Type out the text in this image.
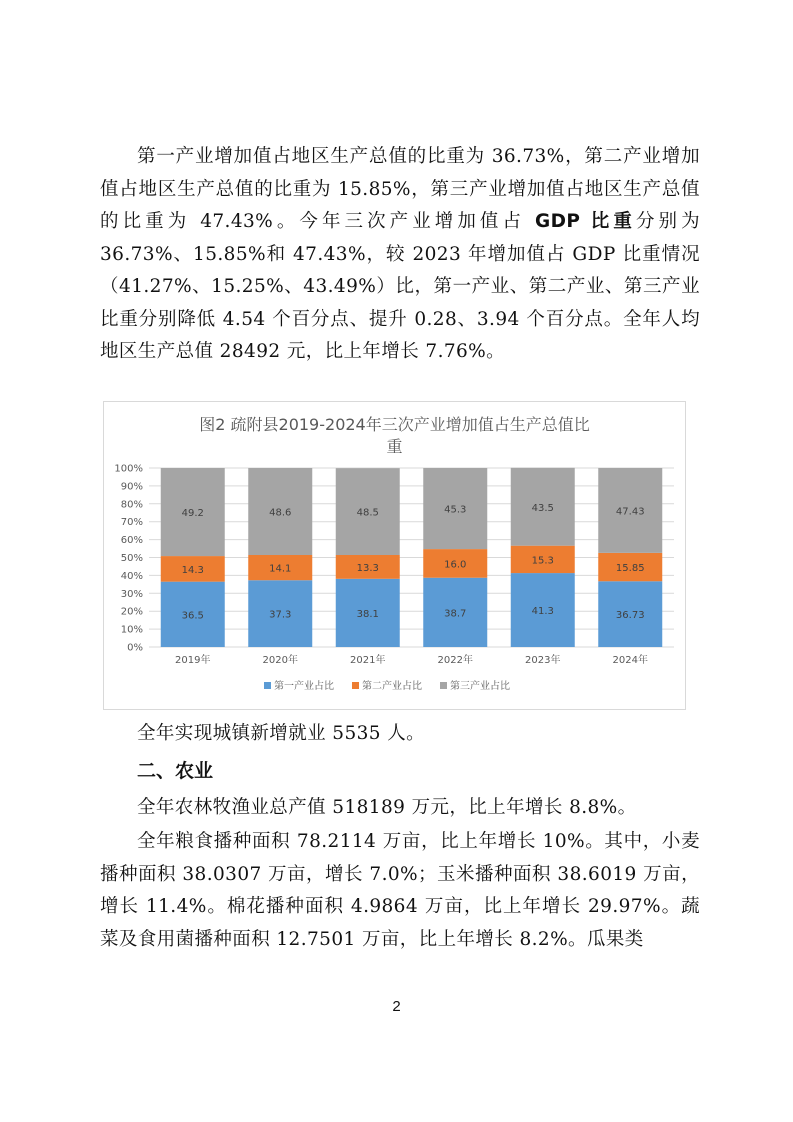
第一产业增加值占地区生产总值的比重为 36.73%，第二产业增加值占地区生产总值的比重为 15.85%，第三产业增加值占地区生产总值的比重为 47.43%。今年三次产业增加值占 GDP 比重分别为 36.73%、15.85%和 47.43%，较 2023 年增加值占 GDP 比重情况（41.27%、15.25%、43.49%）比，第一产业、第二产业、第三产业比重分别降低 4.54 个百分点、提升 0.28、3.94 个百分点。全年人均地区生产总值 28492 元，比上年增长 7.76%。
图2 疏附县2019-2024年三次产业增加值占生产总值比
重
0%
10%
20%
30%
40%
50%
60%
70%
80%
90%
100%
36.5
14.3
49.2
2019年
37.3
14.1
48.6
2020年
38.1
13.3
48.5
2021年
38.7
16.0
45.3
2022年
41.3
15.3
43.5
2023年
36.73
15.85
47.43
2024年
第一产业占比	第二产业占比	第三产业占比
全年实现城镇新增就业 5535 人。
二、农业
全年农林牧渔业总产值 518189 万元，比上年增长 8.8%。
全年粮食播种面积 78.2114 万亩，比上年增长 10%。其中，小麦播种面积 38.0307 万亩，增长 7.0%；玉米播种面积 38.6019 万亩，增长 11.4%。棉花播种面积 4.9864 万亩，比上年增长 29.97%。蔬菜及食用菌播种面积 12.7501 万亩，比上年增长 8.2%。瓜果类
2
